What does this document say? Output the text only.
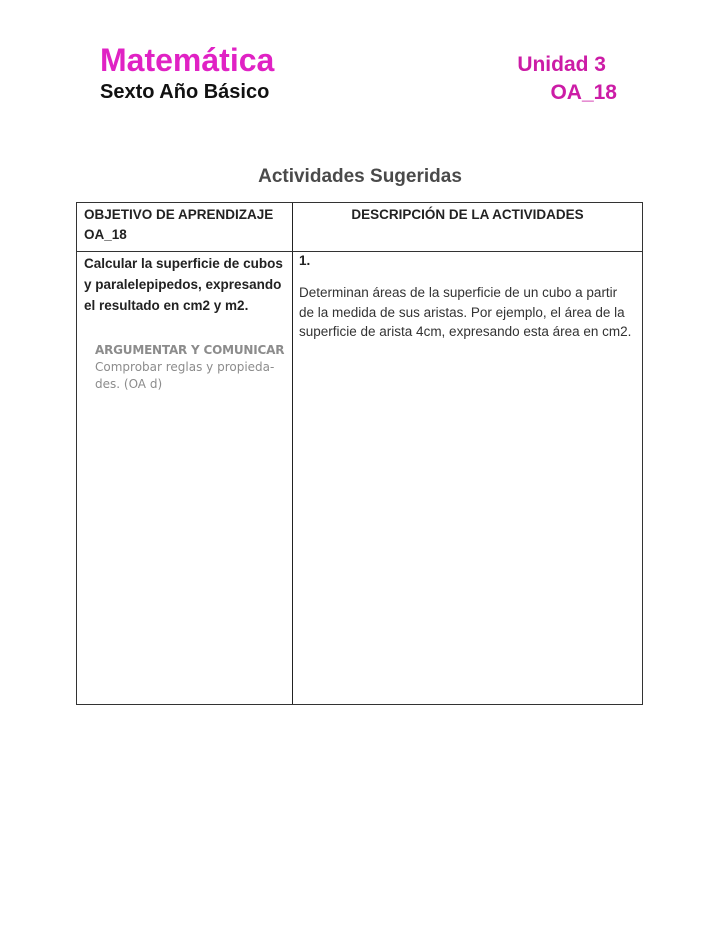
Matemática
Sexto Año Básico
Unidad 3
OA_18
Actividades Sugeridas
OBJETIVO DE APRENDIZAJE
OA_18
DESCRIPCIÓN DE LA ACTIVIDADES
Calcular la superficie de cubos y paralelepipedos, expresando el resultado en cm2 y m2.
ARGUMENTAR Y COMUNICAR
Comprobar reglas y propieda-des. (OA d)
1.
Determinan áreas de la superficie de un cubo a partir de la medida de sus aristas. Por ejemplo, el área de la superficie de arista 4cm, expresando esta área en cm2.
